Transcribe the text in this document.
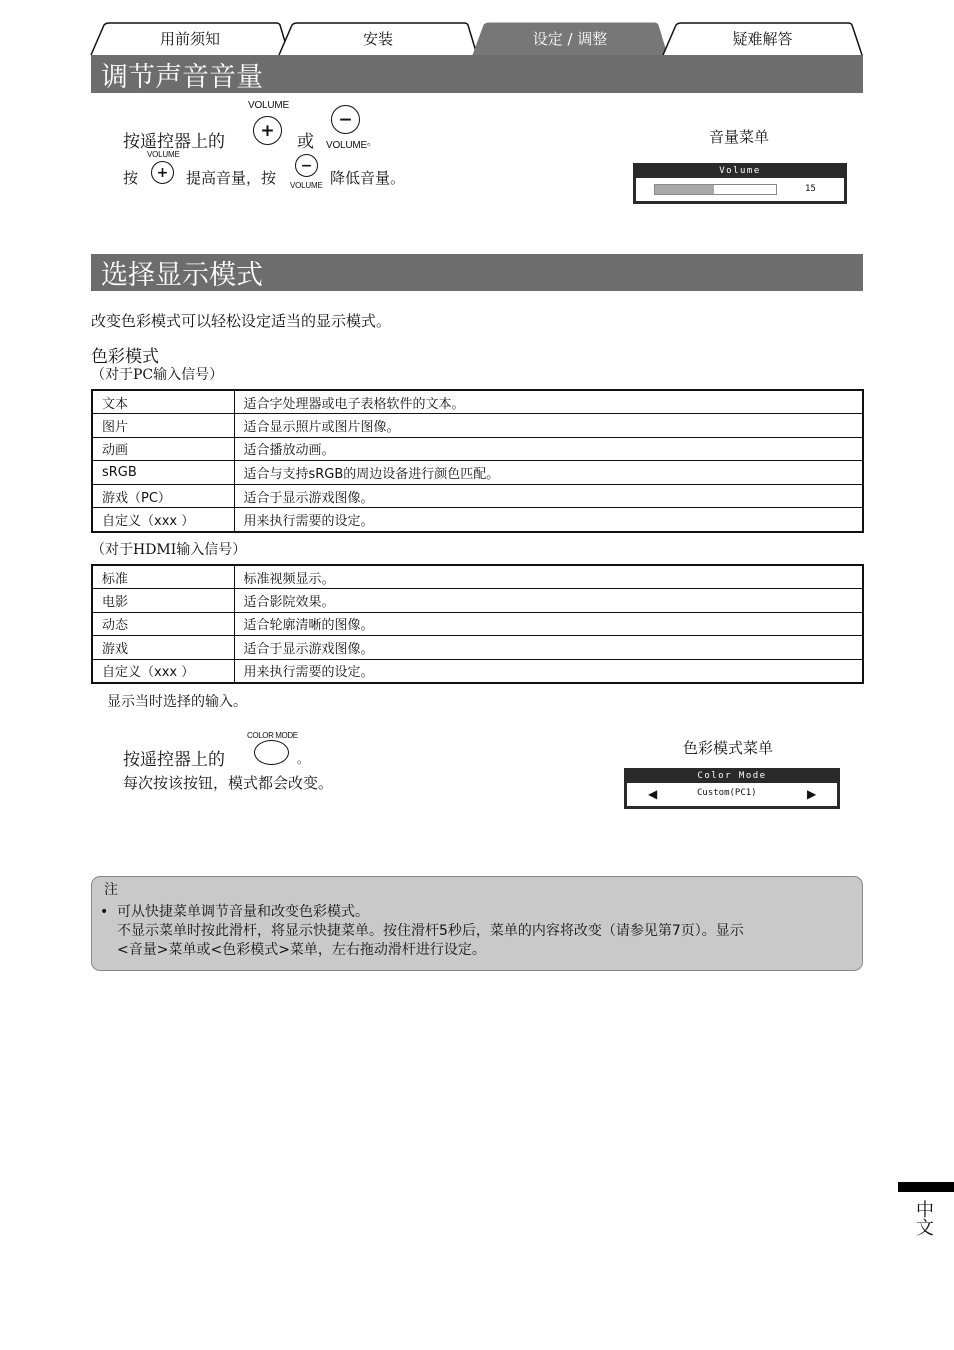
用前须知	安装	设定 / 调整	疑难解答
调节声音音量
按遥控器上的
VOLUME
+
或
−
VOLUME 。
按
VOLUME
+ 提高音量，按
−
VOLUME 降低音量。
音量菜单
Volume
15
选择显示模式
改变色彩模式可以轻松设定适当的显示模式。
色彩模式
（对于PC输入信号）
文本	适合字处理器或电子表格软件的文本。
图片	适合显示照片或图片图像。
动画	适合播放动画。
sRGB	适合与支持sRGB的周边设备进行颜色匹配。
游戏（PC）	适合于显示游戏图像。
自定义（xxx ）	用来执行需要的设定。
（对于HDMI输入信号）
标准	标准视频显示。
电影	适合影院效果。
动态	适合轮廓清晰的图像。
游戏	适合于显示游戏图像。
自定义（xxx ）	用来执行需要的设定。
显示当时选择的输入。
按遥控器上的
COLOR MODE
。
每次按该按钮，模式都会改变。
色彩模式菜单
Color Mode
◀	Custom(PC1)	▶
注
• 可从快捷菜单调节音量和改变色彩模式。
不显示菜单时按此滑杆，将显示快捷菜单。按住滑杆5秒后，菜单的内容将改变（请参见第7页）。显示
<音量>菜单或<色彩模式>菜单，左右拖动滑杆进行设定。
中文
